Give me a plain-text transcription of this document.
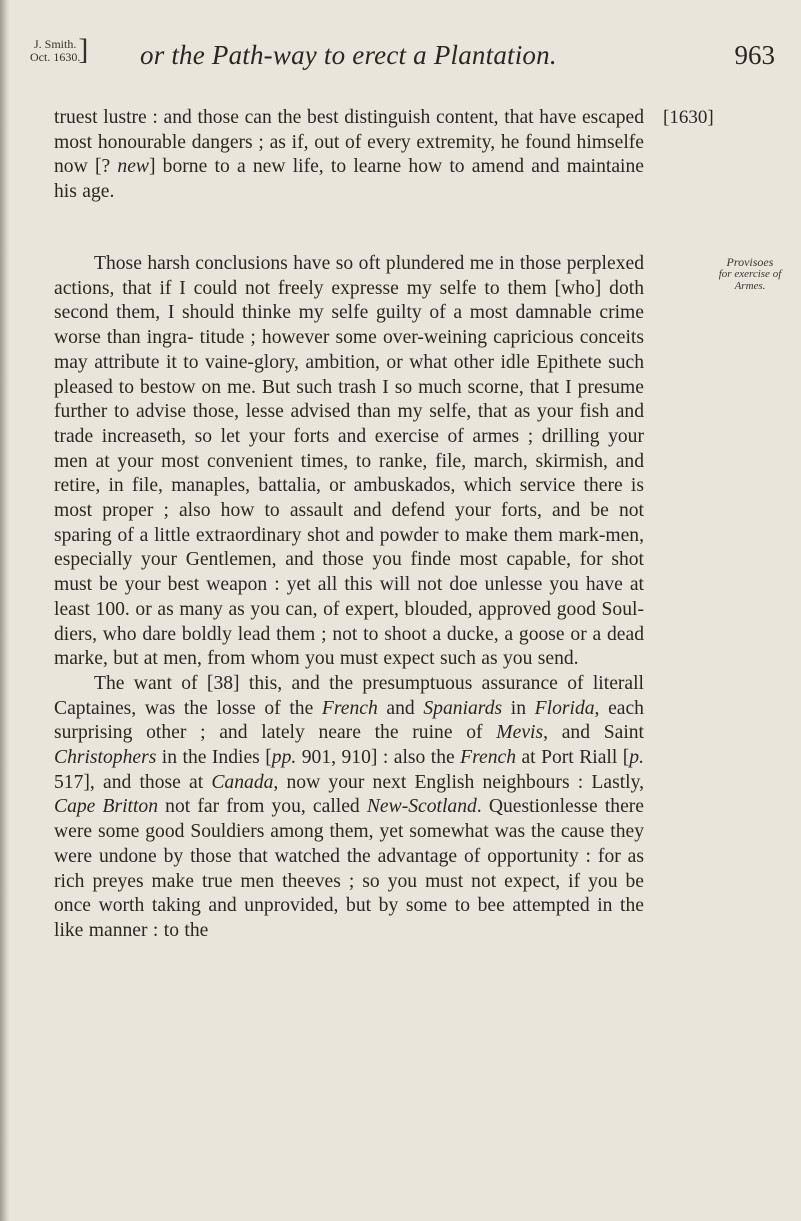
J. Smith.
Oct. 1630.
] or the Path-way to erect a Plantation.	963
[1630]
Provisoes
for exercise of Armes.

truest lustre : and those can the best distinguish content, that have escaped most honourable dangers ; as if, out of every extremity, he found himselfe now [? new] borne to a new life, to learne how to amend and maintaine his age.

Those harsh conclusions have so oft plundered me in those perplexed actions, that if I could not freely expresse my selfe to them [who] doth second them, I should thinke my selfe guilty of a most damnable crime worse than ingra- titude ; however some over-weining capricious conceits may attribute it to vaine-glory, ambition, or what other idle Epithete such pleased to bestow on me. But such trash I so much scorne, that I presume further to advise those, lesse advised than my selfe, that as your fish and trade increaseth, so let your forts and exercise of armes ; drilling your men at your most convenient times, to ranke, file, march, skirmish, and retire, in file, manaples, battalia, or ambuskados, which service there is most proper ; also how to assault and defend your forts, and be not sparing of a little extraordinary shot and powder to make them mark-men, especially your Gentlemen, and those you finde most capable, for shot must be your best weapon : yet all this will not doe unlesse you have at least 100. or as many as you can, of expert, blouded, approved good Soul- diers, who dare boldly lead them ; not to shoot a ducke, a goose or a dead marke, but at men, from whom you must expect such as you send.

The want of [38] this, and the presumptuous assurance of literall Captaines, was the losse of the French and Spaniards in Florida, each surprising other ; and lately neare the ruine of Mevis, and Saint Christophers in the Indies [pp. 901, 910] : also the French at Port Riall [p. 517], and those at Canada, now your next English neighbours : Lastly, Cape Britton not far from you, called New-Scotland. Questionlesse there were some good Souldiers among them, yet somewhat was the cause they were undone by those that watched the advantage of opportunity : for as rich preyes make true men theeves ; so you must not expect, if you be once worth taking and unprovided, but by some to bee attempted in the like manner : to the
